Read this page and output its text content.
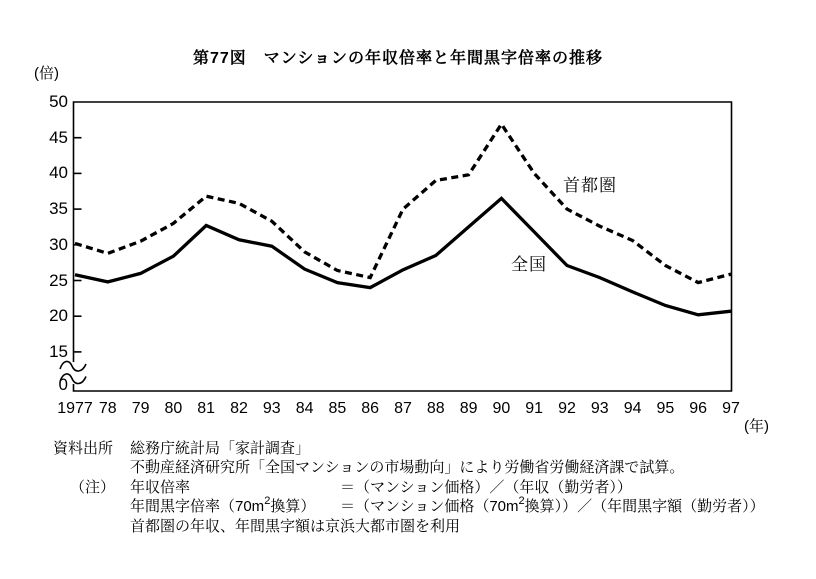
第77図　マンションの年収倍率と年間黒字倍率の推移
(倍)
50
45
40
35
30
25
20
15
0
1977 78 79 80 81 82 93 84 85 86 87 88 89 90 91 92 93 94 95 96 97
(年)
首都圏
全国
資料出所 総務庁統計局「家計調査」
不動産経済研究所「全国マンションの市場動向」により労働省労働経済課で試算。
（注） 年収倍率	＝（マンション価格）／（年収（勤労者））
年間黒字倍率（$70m^2$換算） ＝（マンション価格（$70m^2$換算））／（年間黒字額（勤労者））
首都圏の年収、年間黒字額は京浜大都市圏を利用
